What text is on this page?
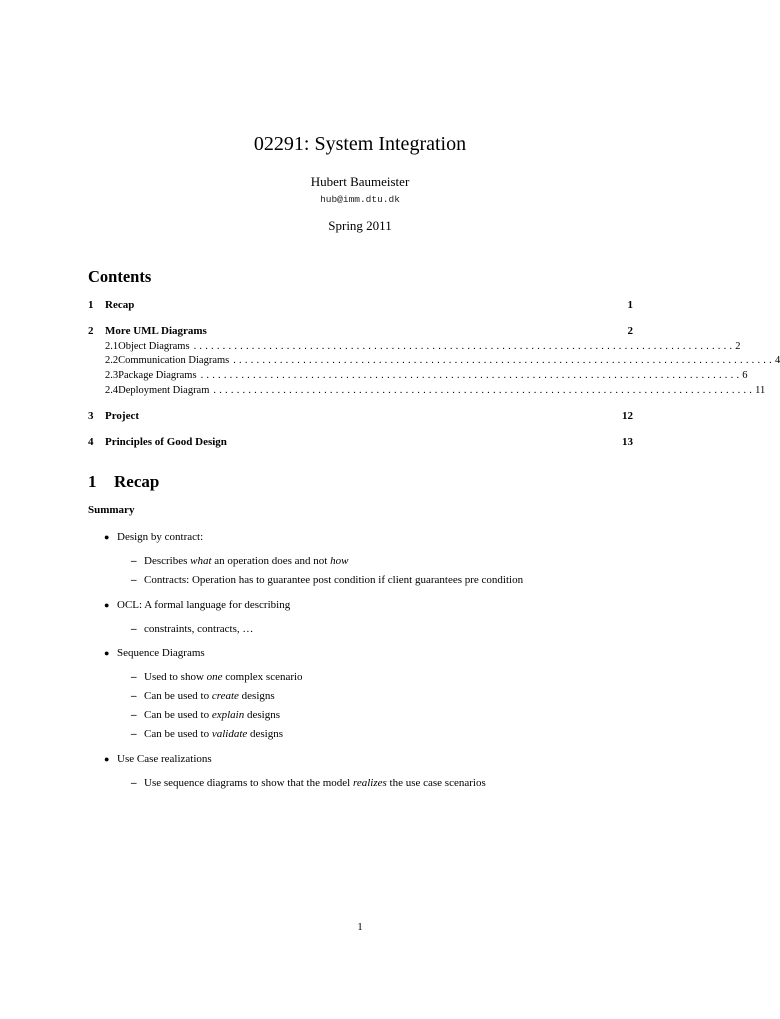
02291: System Integration
Hubert Baumeister
hub@imm.dtu.dk
Spring 2011
Contents
1	Recap	1
2	More UML Diagrams	2
2.1 Object Diagrams ............................................................................................. 2
2.2 Communication Diagrams ............................................................................................. 4
2.3 Package Diagrams ............................................................................................. 6
2.4 Deployment Diagram ............................................................................................. 11
3	Project	12
4	Principles of Good Design	13
1	Recap
Summary
● Design by contract:
– Describes what an operation does and not how
– Contracts: Operation has to guarantee post condition if client guarantees pre condition
● OCL: A formal language for describing
– constraints, contracts, …
● Sequence Diagrams
– Used to show one complex scenario
– Can be used to create designs
– Can be used to explain designs
– Can be used to validate designs
● Use Case realizations
– Use sequence diagrams to show that the model realizes the use case scenarios
1
